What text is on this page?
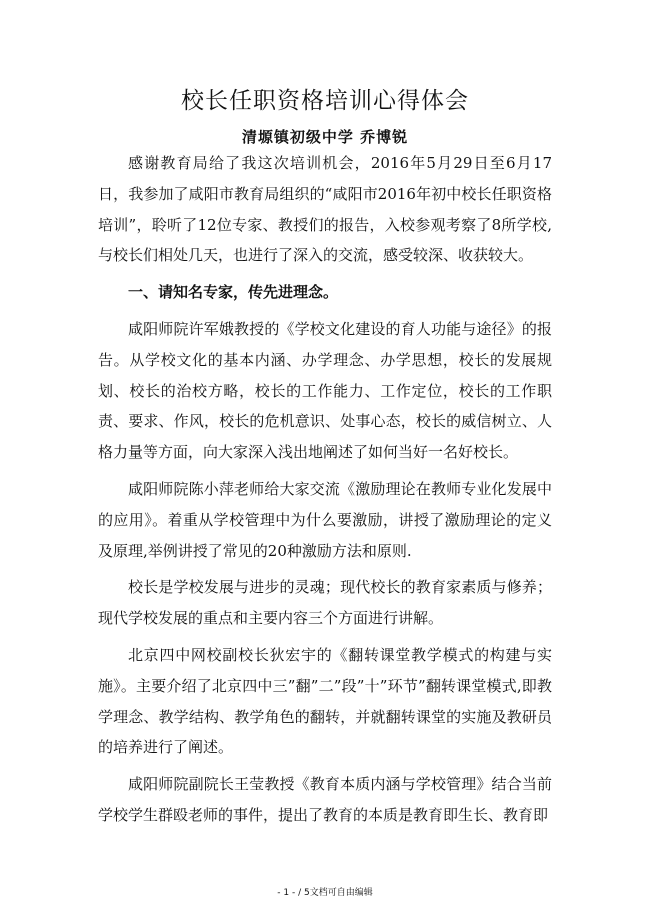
校长任职资格培训心得体会
清塬镇初级中学 乔博锐

感谢教育局给了我这次培训机会，2016年5月29日至6月17日，我参加了咸阳市教育局组织的“咸阳市2016年初中校长任职资格培训”，聆听了12位专家、教授们的报告，入校参观考察了8所学校,与校长们相处几天，也进行了深入的交流，感受较深、收获较大。

一、请知名专家，传先进理念。

咸阳师院许军娥教授的《学校文化建设的育人功能与途径》的报告。从学校文化的基本内涵、办学理念、办学思想，校长的发展规划、校长的治校方略，校长的工作能力、工作定位，校长的工作职责、要求、作风，校长的危机意识、处事心态，校长的威信树立、人格力量等方面，向大家深入浅出地阐述了如何当好一名好校长。

咸阳师院陈小萍老师给大家交流《激励理论在教师专业化发展中的应用》。着重从学校管理中为什么要激励，讲授了激励理论的定义及原理,举例讲授了常见的20种激励方法和原则.

校长是学校发展与进步的灵魂；现代校长的教育家素质与修养；现代学校发展的重点和主要内容三个方面进行讲解。

北京四中网校副校长狄宏宇的《翻转课堂教学模式的构建与实施》。主要介绍了北京四中三”翻”二”段”十”环节”翻转课堂模式,即教学理念、教学结构、教学角色的翻转，并就翻转课堂的实施及教研员的培养进行了阐述。

咸阳师院副院长王莹教授《教育本质内涵与学校管理》结合当前学校学生群殴老师的事件，提出了教育的本质是教育即生长、教育即

- 1 - / 5文档可自由编辑
